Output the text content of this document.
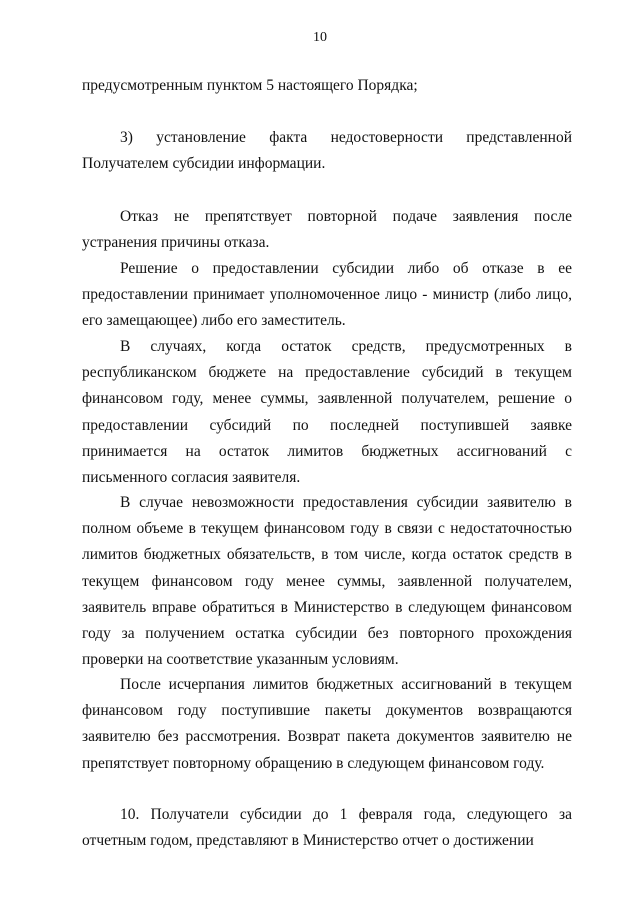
10
предусмотренным пунктом 5 настоящего Порядка;
3) установление факта недостоверности представленной
Получателем субсидии информации.
Отказ не препятствует повторной подаче заявления после устранения причины отказа.
Решение о предоставлении субсидии либо об отказе в ее предоставлении принимает уполномоченное лицо - министр (либо лицо, его замещающее) либо его заместитель.
В случаях, когда остаток средств, предусмотренных в республиканском бюджете на предоставление субсидий в текущем финансовом году, менее суммы, заявленной получателем, решение о предоставлении субсидий по последней поступившей заявке принимается на остаток лимитов бюджетных ассигнований с письменного согласия заявителя.
В случае невозможности предоставления субсидии заявителю в полном объеме в текущем финансовом году в связи с недостаточностью лимитов бюджетных обязательств, в том числе, когда остаток средств в текущем финансовом году менее суммы, заявленной получателем, заявитель вправе обратиться в Министерство в следующем финансовом году за получением остатка субсидии без повторного прохождения проверки на соответствие указанным условиям.
После исчерпания лимитов бюджетных ассигнований в текущем финансовом году поступившие пакеты документов возвращаются заявителю без рассмотрения. Возврат пакета документов заявителю не препятствует повторному обращению в следующем финансовом году.
10. Получатели субсидии до 1 февраля года, следующего за отчетным годом, представляют в Министерство отчет о достижении
